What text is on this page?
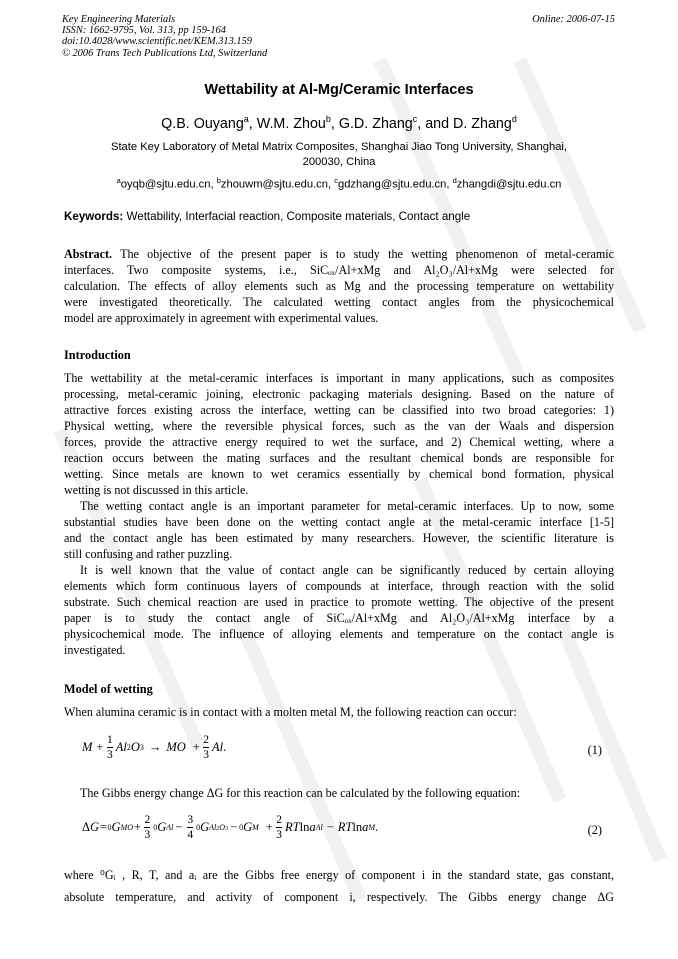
Key Engineering Materials
ISSN: 1662-9795, Vol. 313, pp 159-164
doi:10.4028/www.scientific.net/KEM.313.159
© 2006 Trans Tech Publications Ltd, Switzerland
Online: 2006-07-15
Wettability at Al-Mg/Ceramic Interfaces
Q.B. Ouyang$^a$, W.M. Zhou$^b$, G.D. Zhang$^c$, and D. Zhang$^d$
State Key Laboratory of Metal Matrix Composites, Shanghai Jiao Tong University, Shanghai,
200030, China
$^a$oyqb@sjtu.edu.cn, $^b$zhouwm@sjtu.edu.cn, $^c$gdzhang@sjtu.edu.cn, $^d$zhangdi@sjtu.edu.cn
Keywords: Wettability, Interfacial reaction, Composite materials, Contact angle
Abstract. The objective of the present paper is to study the wetting phenomenon of metal-ceramic
interfaces. Two composite systems, i.e., SiCₒₓ/Al+xMg and Al₂O₃/Al+xMg were selected for
calculation. The effects of alloy elements such as Mg and the processing temperature on wettability
were investigated theoretically. The calculated wetting contact angles from the physicochemical
model are approximately in agreement with experimental values.
Introduction
The wettability at the metal-ceramic interfaces is important in many applications, such as composites
processing, metal-ceramic joining, electronic packaging materials designing. Based on the nature of
attractive forces existing across the interface, wetting can be classified into two broad categories: 1)
Physical wetting, where the reversible physical forces, such as the van der Waals and dispersion
forces, provide the attractive energy required to wet the surface, and 2) Chemical wetting, where a
reaction occurs between the mating surfaces and the resultant chemical bonds are responsible for
wetting. Since metals are known to wet ceramics essentially by chemical bond formation, physical
wetting is not discussed in this article.
The wetting contact angle is an important parameter for metal-ceramic interfaces. Up to now, some
substantial studies have been done on the wetting contact angle at the metal-ceramic interface [1-5]
and the contact angle has been estimated by many researchers. However, the scientific literature is
still confusing and rather puzzling.
It is well known that the value of contact angle can be significantly reduced by certain alloying
elements which form continuous layers of compounds at interface, through reaction with the solid
substrate. Such chemical reaction are used in practice to promote wetting. The objective of the present
paper is to study the contact angle of SiCₒₓ/Al+xMg and Al₂O₃/Al+xMg interface by a
physicochemical mode. The influence of alloying elements and temperature on the contact angle is
investigated.
Model of wetting
When alumina ceramic is in contact with a molten metal M, the following reaction can occur:
$M + \frac{1}{3}$ Al 2 O 3 → MO
+ $\frac{2}{3}$ Al .	(1)
The Gibbs energy change ΔG for this reaction can be calculated by the following equation:
Δ G= 0 G MO + $\frac{2}{3} 0$ G $Al - \frac{3}{4} 0$ G Al2O3 − 0 G $M + \frac{2}{3}$ RT ln a Al − RT ln a M .	(2)
where ⁰Gᵢ , R, T, and aᵢ are the Gibbs free energy of component i in the standard state, gas constant,
absolute temperature, and activity of component i, respectively. The Gibbs energy change ΔG
